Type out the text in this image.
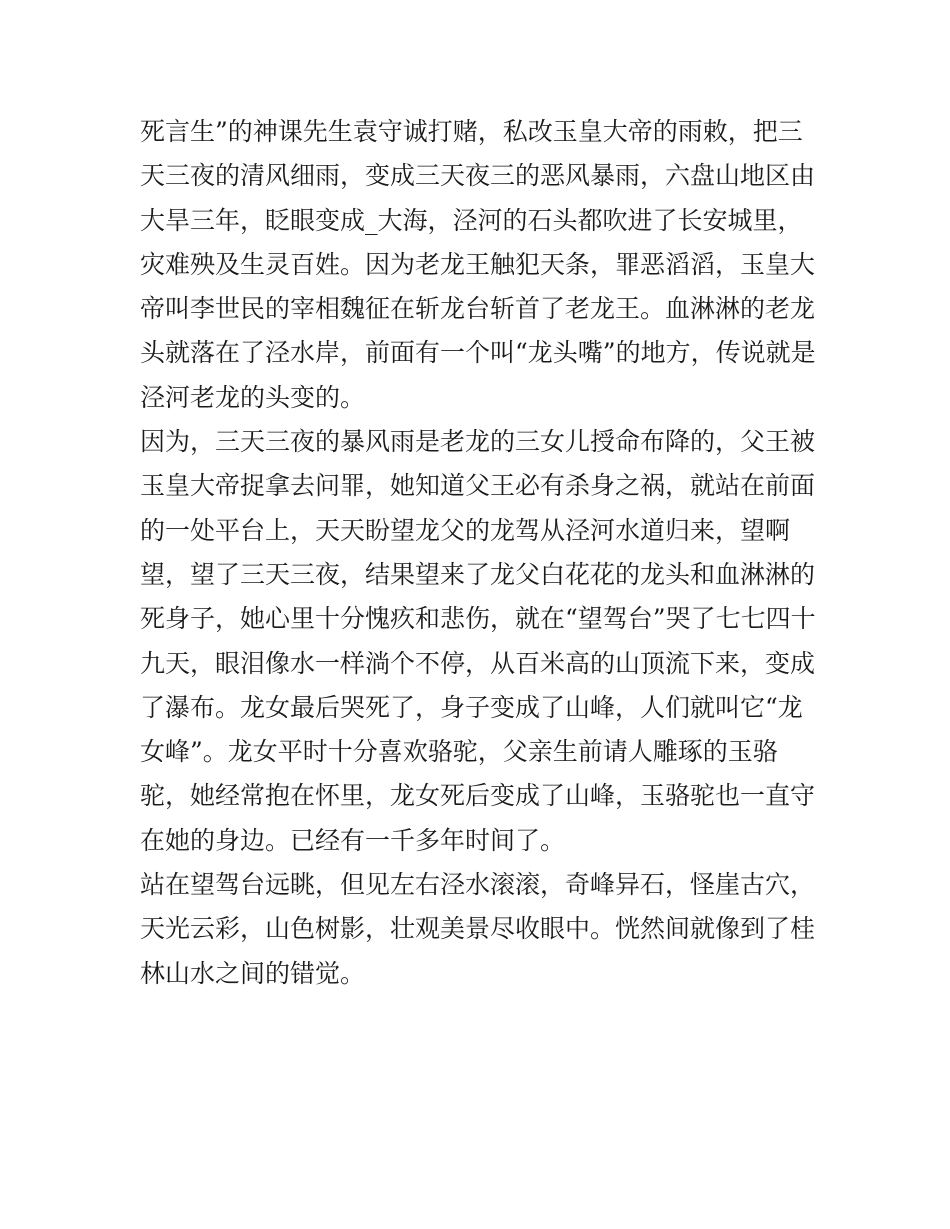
死言生”的神课先生袁守诚打赌，私改玉皇大帝的雨敕，把三
天三夜的清风细雨，变成三天夜三的恶风暴雨，六盘山地区由
大旱三年，眨眼变成_大海，泾河的石头都吹进了长安城里，
灾难殃及生灵百姓。因为老龙王触犯天条，罪恶滔滔，玉皇大
帝叫李世民的宰相魏征在斩龙台斩首了老龙王。血淋淋的老龙
头就落在了泾水岸，前面有一个叫“龙头嘴”的地方，传说就是
泾河老龙的头变的。
因为，三天三夜的暴风雨是老龙的三女儿授命布降的，父王被
玉皇大帝捉拿去问罪，她知道父王必有杀身之祸，就站在前面
的一处平台上，天天盼望龙父的龙驾从泾河水道归来，望啊
望，望了三天三夜，结果望来了龙父白花花的龙头和血淋淋的
死身子，她心里十分愧疚和悲伤，就在“望驾台”哭了七七四十
九天，眼泪像水一样淌个不停，从百米高的山顶流下来，变成
了瀑布。龙女最后哭死了，身子变成了山峰，人们就叫它“龙
女峰”。龙女平时十分喜欢骆驼，父亲生前请人雕琢的玉骆
驼，她经常抱在怀里，龙女死后变成了山峰，玉骆驼也一直守
在她的身边。已经有一千多年时间了。
站在望驾台远眺，但见左右泾水滚滚，奇峰异石，怪崖古穴，
天光云彩，山色树影，壮观美景尽收眼中。恍然间就像到了桂
林山水之间的错觉。
